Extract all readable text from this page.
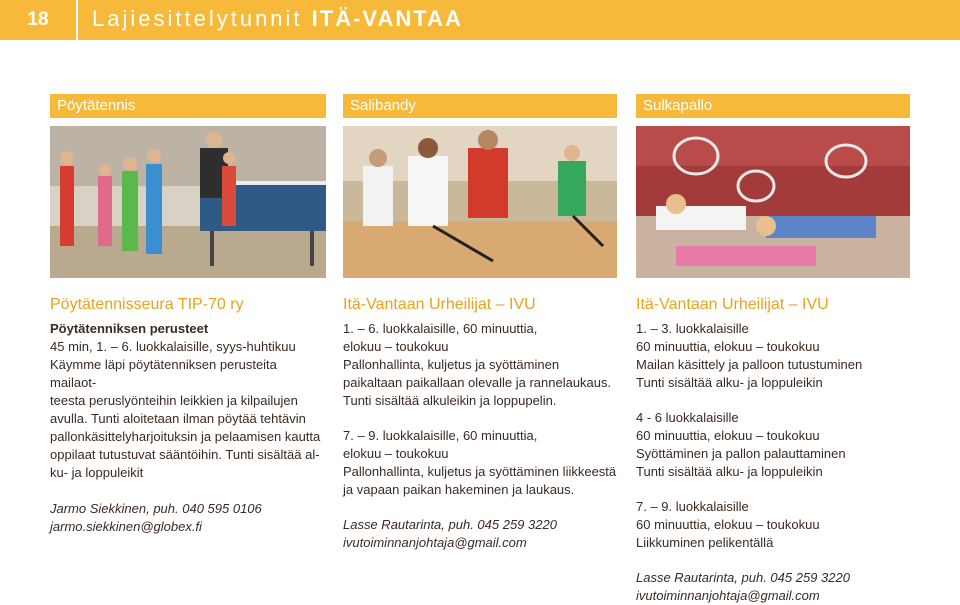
18	Lajiesittelytunnit ITÄ-VANTAA
Pöytätennis	Salibandy	Sulkapallo
Pöytätennisseura TIP-70 ry

Pöytätenniksen perusteet

45 min, 1. – 6. luokkalaisille, syys-huhtikuu

Käymme läpi pöytätenniksen perusteita mailaot-

teesta peruslyönteihin leikkien ja kilpailujen

avulla. Tunti aloitetaan ilman pöytää tehtävin

pallonkäsittelyharjoituksin ja pelaamisen kautta

oppilaat tutustuvat sääntöihin. Tunti sisältää al-

ku- ja loppuleikit

Jarmo Siekkinen, puh. 040 595 0106

jarmo.siekkinen@globex.fi

Itä-Vantaan Urheilijat – IVU

1. – 6. luokkalaisille, 60 minuuttia,

elokuu – toukokuu

Pallonhallinta, kuljetus ja syöttäminen

paikaltaan paikallaan olevalle ja rannelaukaus.

Tunti sisältää alkuleikin ja loppupelin.

7. – 9. luokkalaisille, 60 minuuttia,

elokuu – toukokuu

Pallonhallinta, kuljetus ja syöttäminen liikkeestä

ja vapaan paikan hakeminen ja laukaus.

Lasse Rautarinta, puh. 045 259 3220

ivutoiminnanjohtaja@gmail.com

Itä-Vantaan Urheilijat – IVU

1. – 3. luokkalaisille

60 minuuttia, elokuu – toukokuu

Mailan käsittely ja palloon tutustuminen

Tunti sisältää alku- ja loppuleikin

4 - 6 luokkalaisille

60 minuuttia, elokuu – toukokuu

Syöttäminen ja pallon palauttaminen

Tunti sisältää alku- ja loppuleikin

7. – 9. luokkalaisille

60 minuuttia, elokuu – toukokuu

Liikkuminen pelikentällä

Lasse Rautarinta, puh. 045 259 3220

ivutoiminnanjohtaja@gmail.com
